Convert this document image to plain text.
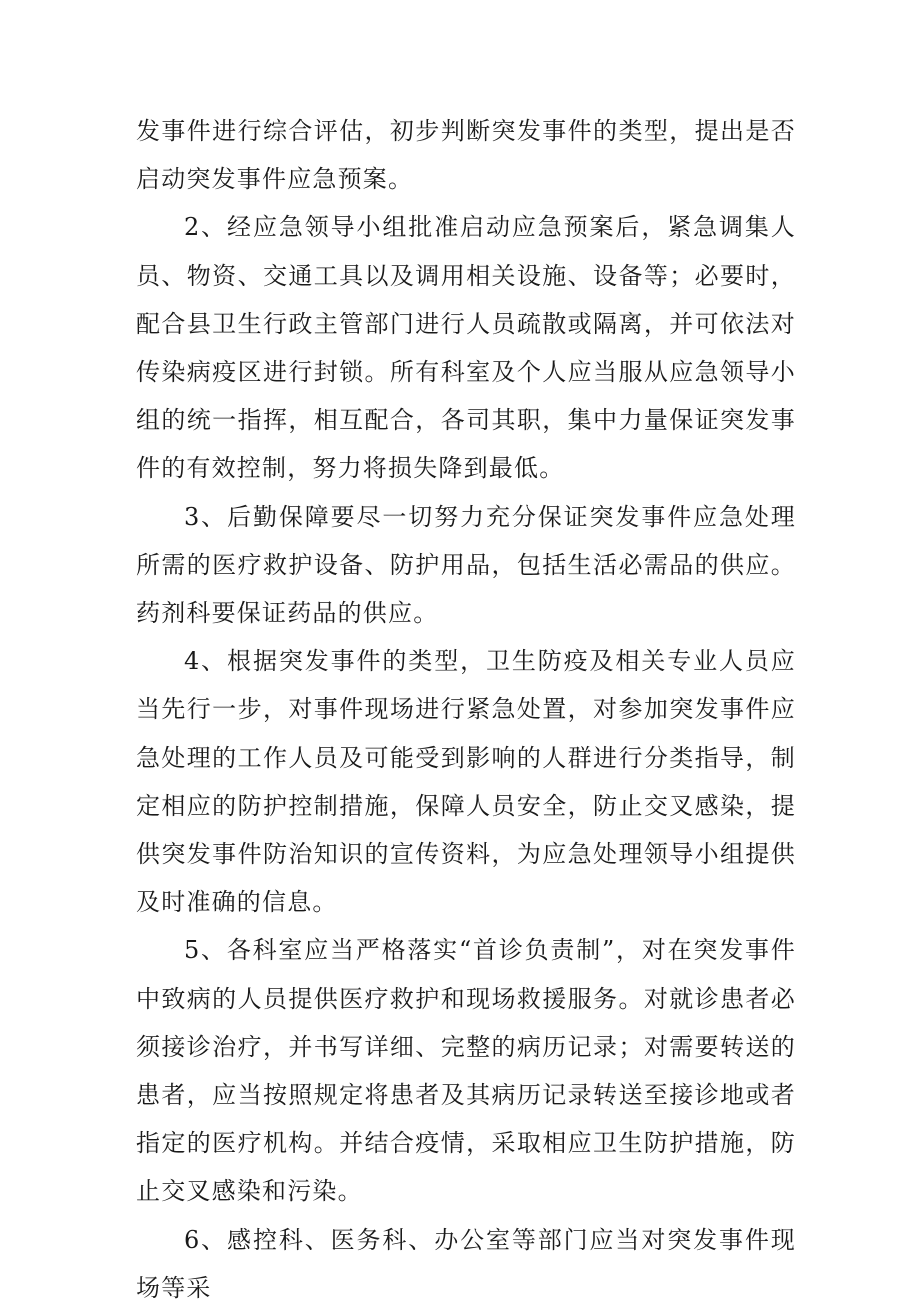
发事件进行综合评估，初步判断突发事件的类型，提出是否启动突发事件应急预案。

2、经应急领导小组批准启动应急预案后，紧急调集人员、物资、交通工具以及调用相关设施、设备等；必要时，配合县卫生行政主管部门进行人员疏散或隔离，并可依法对传染病疫区进行封锁。所有科室及个人应当服从应急领导小组的统一指挥，相互配合，各司其职，集中力量保证突发事件的有效控制，努力将损失降到最低。

3、后勤保障要尽一切努力充分保证突发事件应急处理所需的医疗救护设备、防护用品，包括生活必需品的供应。药剂科要保证药品的供应。

4、根据突发事件的类型，卫生防疫及相关专业人员应当先行一步，对事件现场进行紧急处置，对参加突发事件应急处理的工作人员及可能受到影响的人群进行分类指导，制定相应的防护控制措施，保障人员安全，防止交叉感染，提供突发事件防治知识的宣传资料，为应急处理领导小组提供及时准确的信息。

5、各科室应当严格落实“首诊负责制”，对在突发事件中致病的人员提供医疗救护和现场救援服务。对就诊患者必须接诊治疗，并书写详细、完整的病历记录；对需要转送的患者，应当按照规定将患者及其病历记录转送至接诊地或者指定的医疗机构。并结合疫情，采取相应卫生防护措施，防止交叉感染和污染。

6、感控科、医务科、办公室等部门应当对突发事件现场等采
